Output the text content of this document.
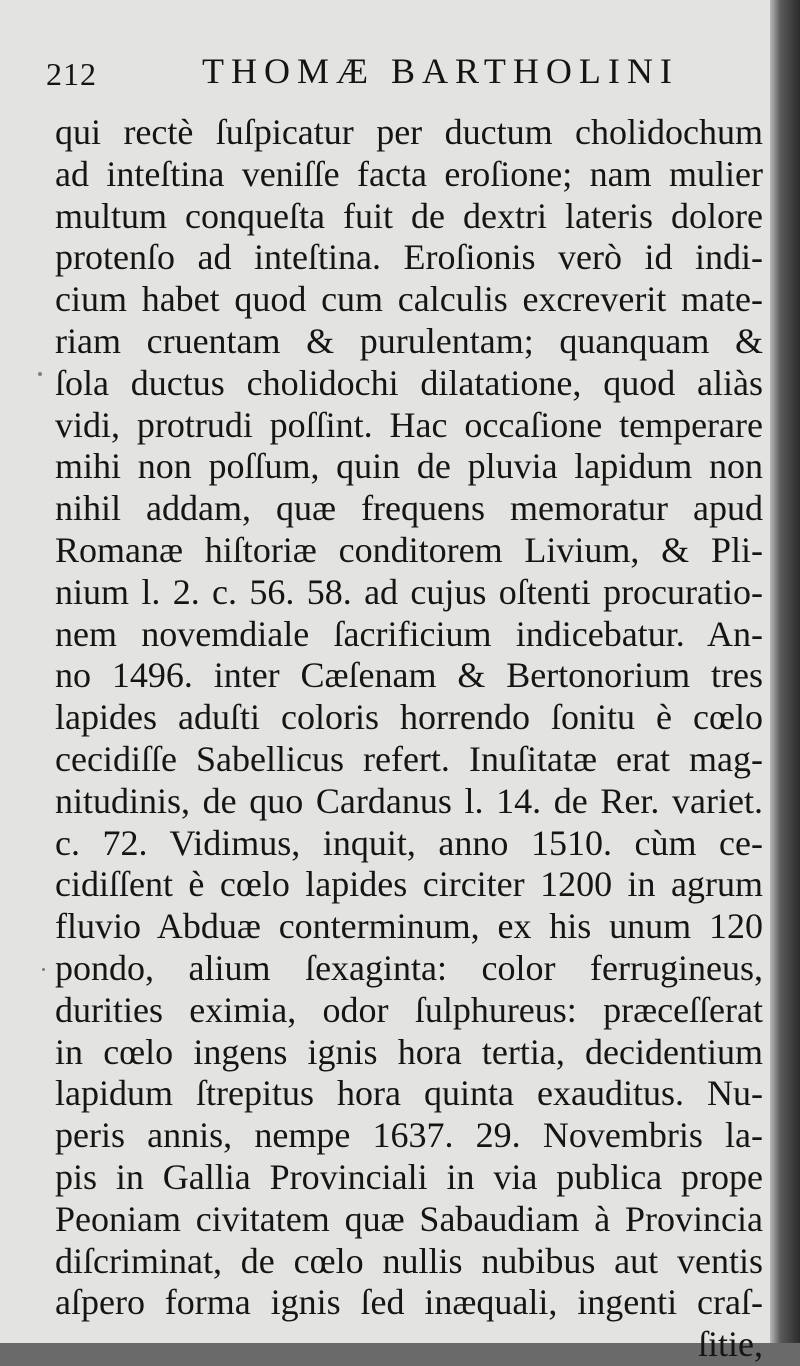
212	THOMÆ BARTHOLINI
qui rectè ſuſpicatur per ductum cholidochum
ad inteſtina veniſſe facta eroſione; nam mulier
multum conqueſta fuit de dextri lateris dolore
protenſo ad inteſtina. Eroſionis verò id indi-
cium habet quod cum calculis excreverit mate-
riam cruentam & purulentam; quanquam &
ſola ductus cholidochi dilatatione, quod aliàs
vidi, protrudi poſſint. Hac occaſione temperare
mihi non poſſum, quin de pluvia lapidum non
nihil addam, quæ frequens memoratur apud
Romanæ hiſtoriæ conditorem Livium, & Pli-
nium l. 2. c. 56. 58. ad cujus oſtenti procuratio-
nem novemdiale ſacrificium indicebatur. An-
no 1496. inter Cæſenam & Bertonorium tres
lapides aduſti coloris horrendo ſonitu è cœlo
cecidiſſe Sabellicus refert. Inuſitatæ erat mag-
nitudinis, de quo Cardanus l. 14. de Rer. variet.
c. 72. Vidimus, inquit, anno 1510. cùm ce-
cidiſſent è cœlo lapides circiter 1200 in agrum
fluvio Abduæ conterminum, ex his unum 120
pondo, alium ſexaginta: color ferrugineus,
durities eximia, odor ſulphureus: præceſſerat
in cœlo ingens ignis hora tertia, decidentium
lapidum ſtrepitus hora quinta exauditus. Nu-
peris annis, nempe 1637. 29. Novembris la-
pis in Gallia Provinciali in via publica prope
Peoniam civitatem quæ Sabaudiam à Provincia
diſcriminat, de cœlo nullis nubibus aut ventis
aſpero forma ignis ſed inæquali, ingenti craſ-
ſitie,
